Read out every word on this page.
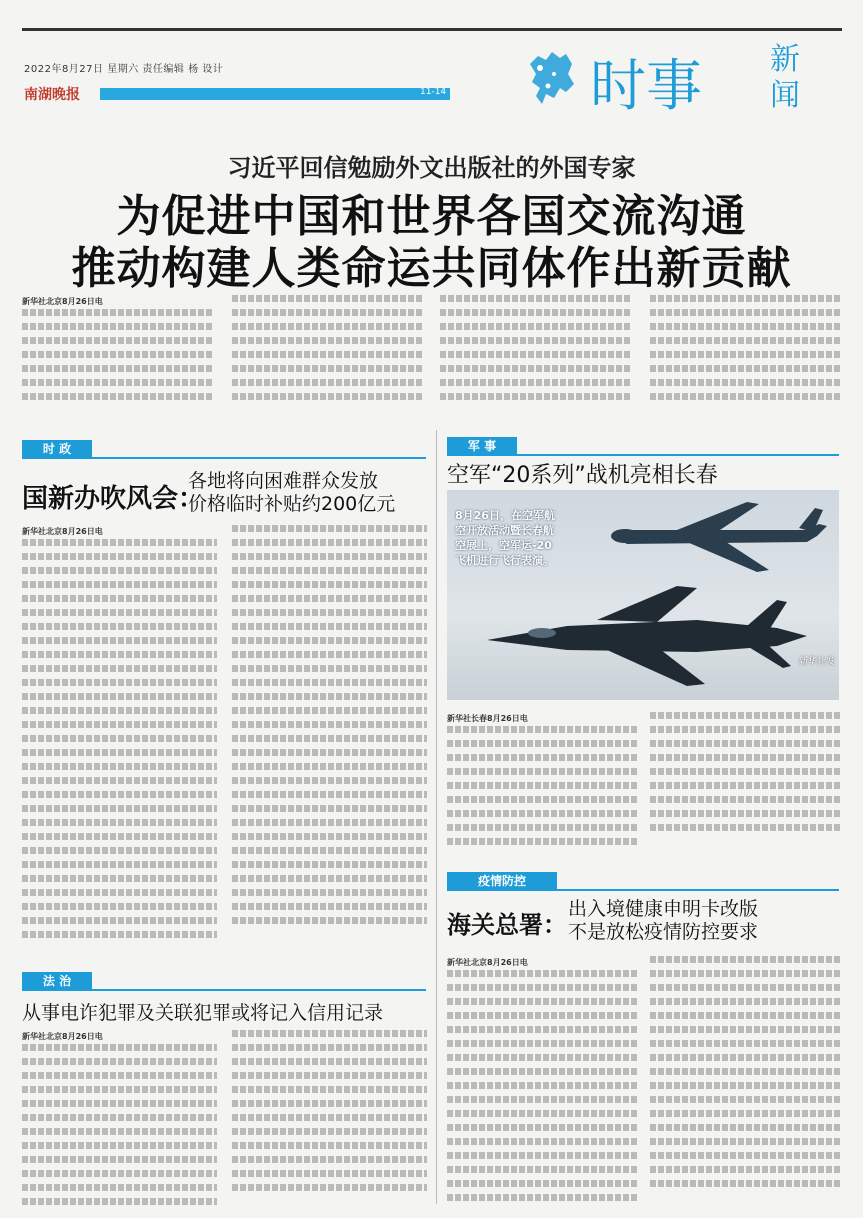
2022年8月27日 星期六 责任编辑 杨 设计
南湖晚报	11-14	时事 新闻
习近平回信勉励外文出版社的外国专家
为促进中国和世界各国交流沟通
推动构建人类命运共同体作出新贡献
新华社北京8月26日电
时 政
国新办吹风会：
各地将向困难群众发放
价格临时补贴约200亿元
新华社北京8月26日电
军 事
空军“20系列”战机亮相长春
8月26日，在空军航空开放活动暨长春航空展上，空军运-20飞机进行飞行表演。
新华社发
新华社长春8月26日电
疫情防控
海关总署：
出入境健康申明卡改版
不是放松疫情防控要求
新华社北京8月26日电
法 治
从事电诈犯罪及关联犯罪或将记入信用记录
新华社北京8月26日电
